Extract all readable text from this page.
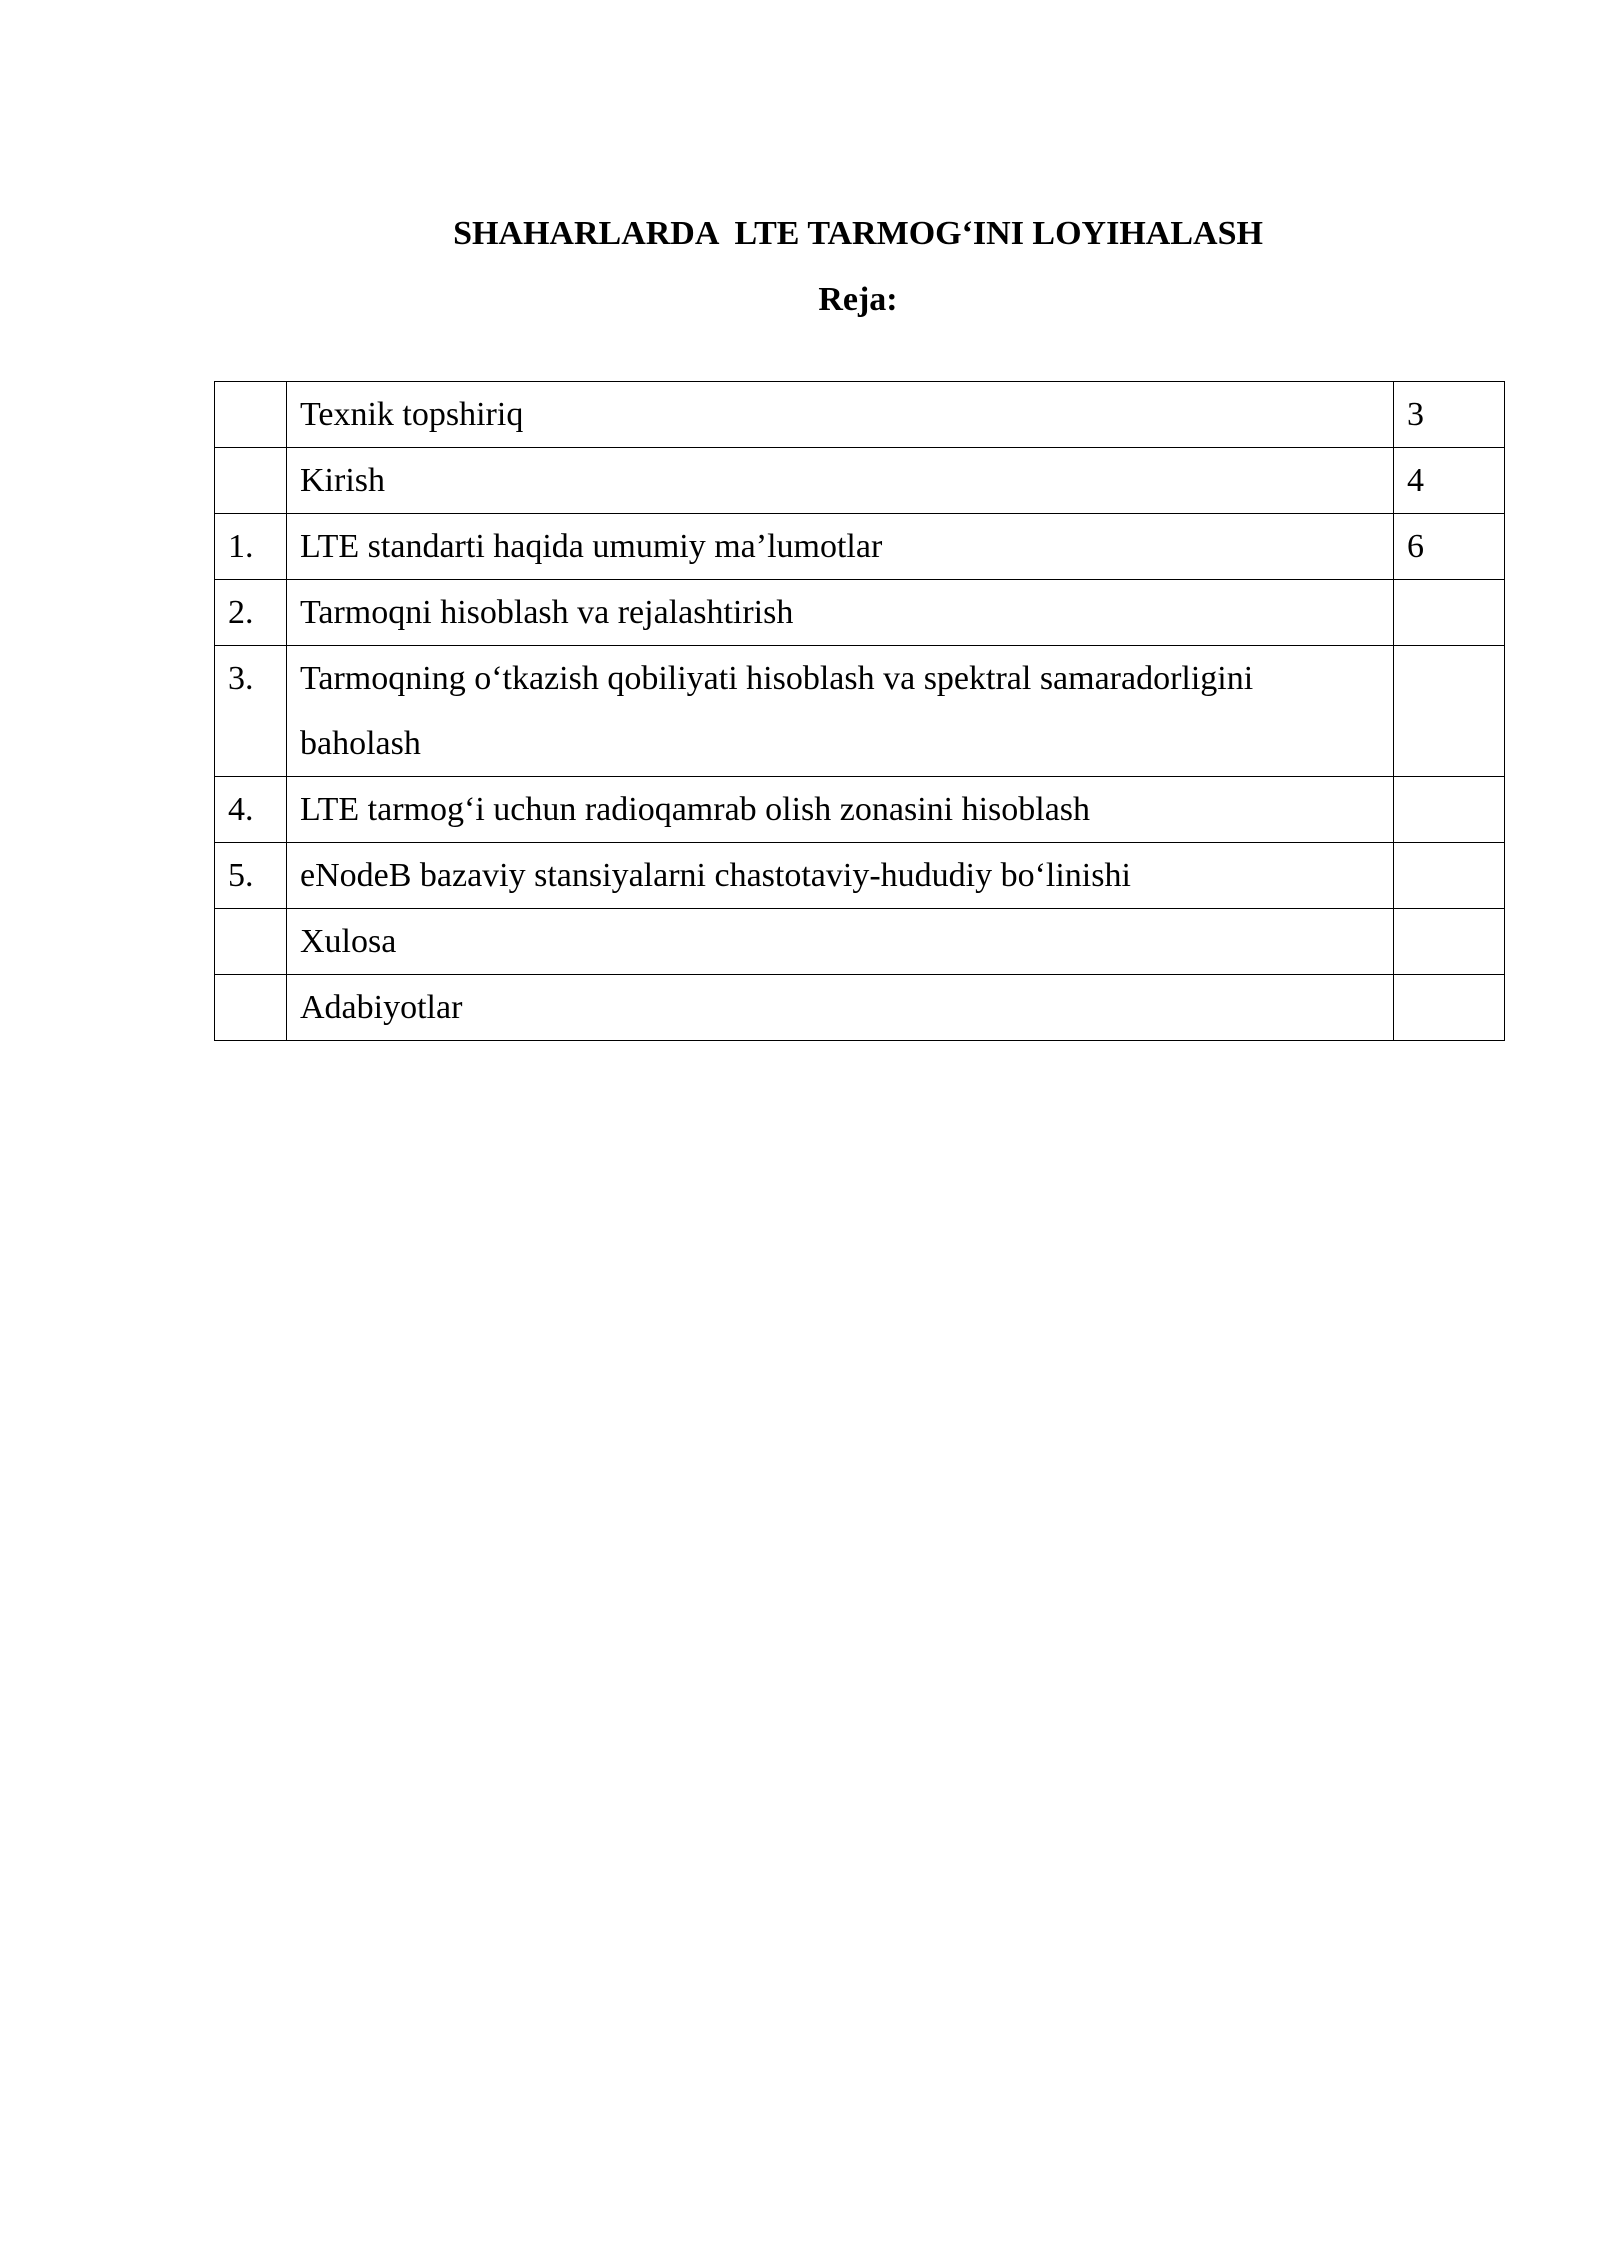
SHAHARLARDA  LTE TARMOG‘INI LOYIHALASH
Reja:
	Texnik topshiriq	3
	Kirish	4
1.	LTE standarti haqida umumiy ma’lumotlar	6
2.	Tarmoqni hisoblash va rejalashtirish	
3.	Tarmoqning o‘tkazish qobiliyati hisoblash va spektral samaradorligini baholash	
4.	LTE tarmog‘i uchun radioqamrab olish zonasini hisoblash	
5.	eNodeB bazaviy stansiyalarni chastotaviy-hududiy bo‘linishi	
	Xulosa	
	Adabiyotlar	
